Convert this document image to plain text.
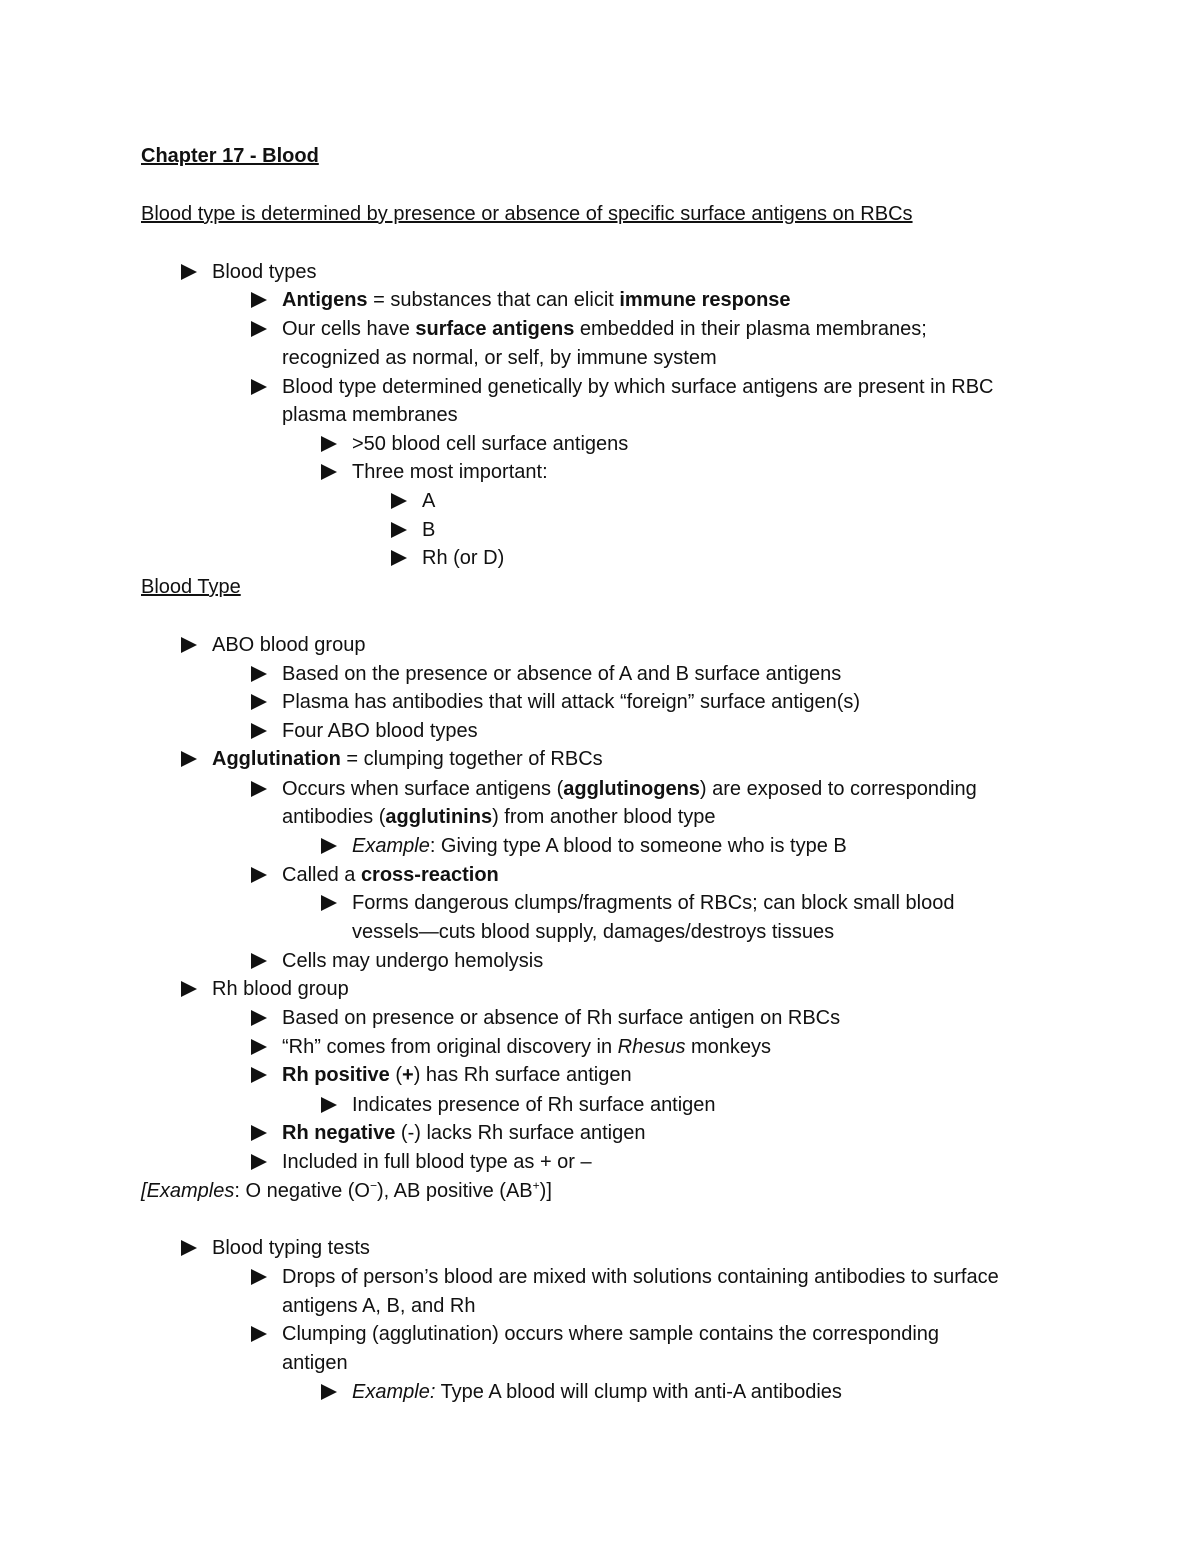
Chapter 17 - Blood
Blood type is determined by presence or absence of specific surface antigens on RBCs
Blood types
Antigens = substances that can elicit immune response
Our cells have surface antigens embedded in their plasma membranes;
recognized as normal, or self, by immune system
Blood type determined genetically by which surface antigens are present in RBC
plasma membranes
>50 blood cell surface antigens
Three most important:
A
B
Rh (or D)
Blood Type
ABO blood group
Based on the presence or absence of A and B surface antigens
Plasma has antibodies that will attack “foreign” surface antigen(s)
Four ABO blood types
Agglutination = clumping together of RBCs
Occurs when surface antigens (agglutinogens) are exposed to corresponding
antibodies (agglutinins) from another blood type
Example: Giving type A blood to someone who is type B
Called a cross-reaction
Forms dangerous clumps/fragments of RBCs; can block small blood
vessels—cuts blood supply, damages/destroys tissues
Cells may undergo hemolysis
Rh blood group
Based on presence or absence of Rh surface antigen on RBCs
“Rh” comes from original discovery in Rhesus monkeys
Rh positive (+) has Rh surface antigen
Indicates presence of Rh surface antigen
Rh negative (-) lacks Rh surface antigen
Included in full blood type as + or –
[Examples: O negative (O−), AB positive (AB+)]
Blood typing tests
Drops of person’s blood are mixed with solutions containing antibodies to surface
antigens A, B, and Rh
Clumping (agglutination) occurs where sample contains the corresponding
antigen
Example: Type A blood will clump with anti-A antibodies
